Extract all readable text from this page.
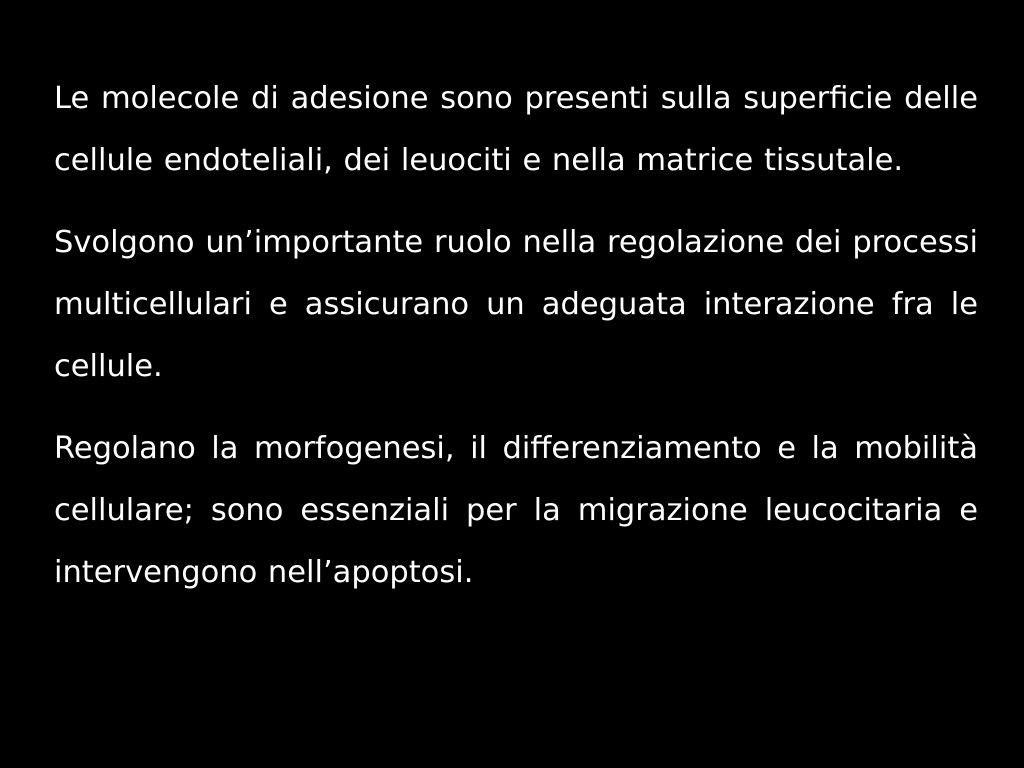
Le molecole di adesione sono presenti sulla superficie delle cellule endoteliali, dei leuociti e nella matrice tissutale.

Svolgono un’importante ruolo nella regolazione dei processi multicellulari e assicurano un adeguata interazione fra le cellule.

Regolano la morfogenesi, il differenziamento e la mobilità cellulare; sono essenziali per la migrazione leucocitaria e intervengono nell’apoptosi.
